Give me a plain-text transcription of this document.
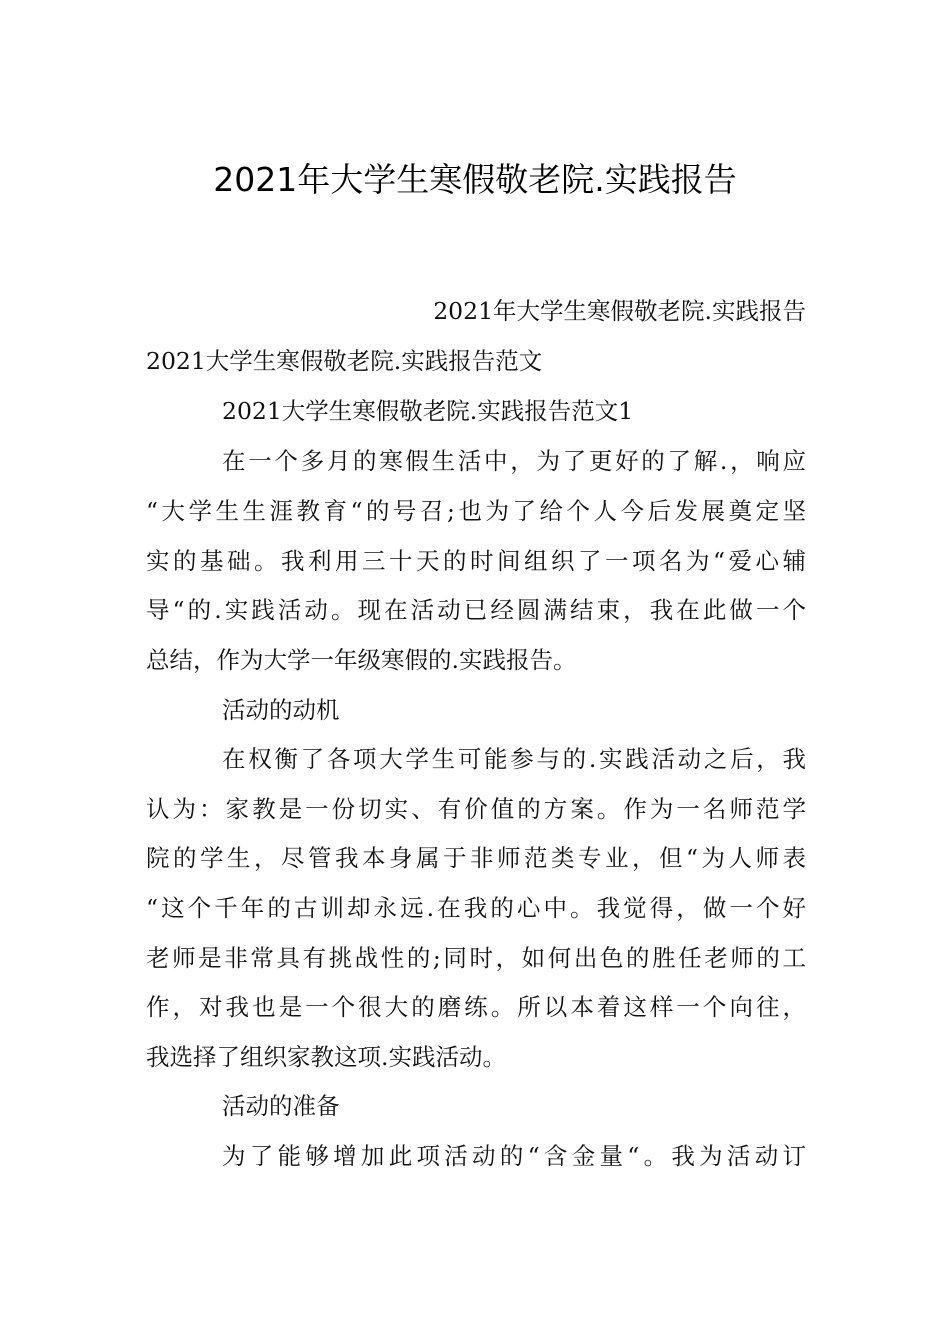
2021年大学生寒假敬老院.实践报告
2021年大学生寒假敬老院.实践报告
2021大学生寒假敬老院.实践报告范文
2021大学生寒假敬老院.实践报告范文1
在一个多月的寒假生活中，为了更好的了解.，响应
“大学生生涯教育“的号召;也为了给个人今后发展奠定坚
实的基础。我利用三十天的时间组织了一项名为“爱心辅
导“的.实践活动。现在活动已经圆满结束，我在此做一个
总结，作为大学一年级寒假的.实践报告。
活动的动机
在权衡了各项大学生可能参与的.实践活动之后，我
认为：家教是一份切实、有价值的方案。作为一名师范学
院的学生，尽管我本身属于非师范类专业，但“为人师表
“这个千年的古训却永远.在我的心中。我觉得，做一个好
老师是非常具有挑战性的;同时，如何出色的胜任老师的工
作，对我也是一个很大的磨练。所以本着这样一个向往，
我选择了组织家教这项.实践活动。
活动的准备
为了能够增加此项活动的“含金量“。我为活动订
